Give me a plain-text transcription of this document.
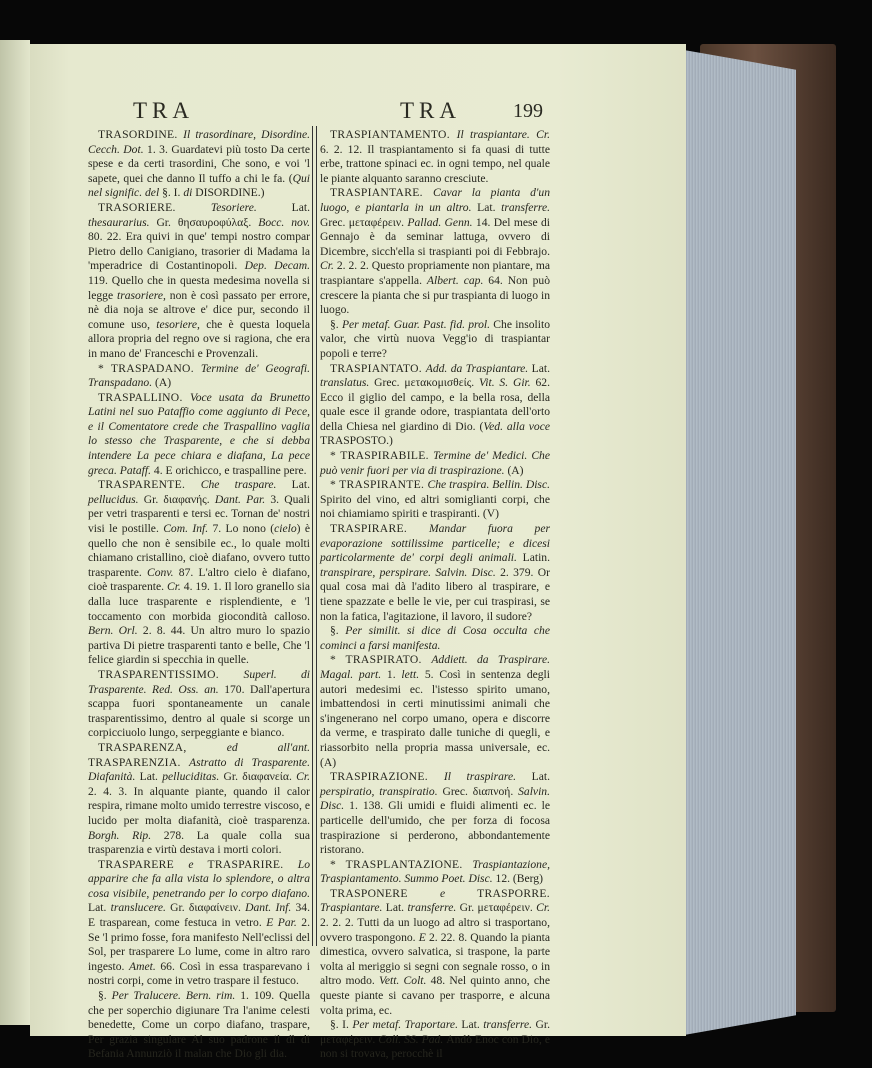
TRA	TRA	199

TRASORDINE. Il trasordinare, Disordine. Cecch. Dot. 1. 3. Guardatevi più tosto Da certe spese e da certi trasordini, Che sono, e voi 'l sapete, quei che danno Il tuffo a chi le fa. (Qui nel signific. del §. I. di DISORDINE.)

TRASORIERE. Tesoriere. Lat. thesaurarius. Gr. θησαυροφύλαξ. Bocc. nov. 80. 22. Era quivi in que' tempi nostro compar Pietro dello Canigiano, trasorier di Madama la 'mperadrice di Costantinopoli. Dep. Decam. 119. Quello che in questa medesima novella si legge trasoriere, non è così passato per errore, nè dia noja se altrove e' dice pur, secondo il comune uso, tesoriere, che è questa loquela allora propria del regno ove si ragiona, che era in mano de' Franceschi e Provenzali.

* TRASPADANO. Termine de' Geografi. Transpadano. (A)

TRASPALLINO. Voce usata da Brunetto Latini nel suo Pataffio come aggiunto di Pece, e il Comentatore crede che Traspallino vaglia lo stesso che Trasparente, e che si debba intendere La pece chiara e diafana, La pece greca. Pataff. 4. E orichicco, e traspalline pere.

TRASPARENTE. Che traspare. Lat. pellucidus. Gr. διαφανής. Dant. Par. 3. Quali per vetri trasparenti e tersi ec. Tornan de' nostri visi le postille. Com. Inf. 7. Lo nono (cielo) è quello che non è sensibile ec., lo quale molti chiamano cristallino, cioè diafano, ovvero tutto trasparente. Conv. 87. L'altro cielo è diafano, cioè trasparente. Cr. 4. 19. 1. Il loro granello sia dalla luce trasparente e risplendiente, e 'l toccamento con morbida giocondità calloso. Bern. Orl. 2. 8. 44. Un altro muro lo spazio partiva Di pietre trasparenti tanto e belle, Che 'l felice giardin si specchia in quelle.

TRASPARENTISSIMO. Superl. di Trasparente. Red. Oss. an. 170. Dall'apertura scappa fuori spontaneamente un canale trasparentissimo, dentro al quale si scorge un corpicciuolo lungo, serpeggiante e bianco.

TRASPARENZA, ed all'ant. TRASPARENZIA. Astratto di Trasparente. Diafanità. Lat. pelluciditas. Gr. διαφανεία. Cr. 2. 4. 3. In alquante piante, quando il calor respira, rimane molto umido terrestre viscoso, e lucido per molta diafanità, cioè trasparenza. Borgh. Rip. 278. La quale colla sua trasparenzia e virtù destava i morti colori.

TRASPARERE e TRASPARIRE. Lo apparire che fa alla vista lo splendore, o altra cosa visibile, penetrando per lo corpo diafano. Lat. translucere. Gr. διαφαίνειν. Dant. Inf. 34. E trasparean, come festuca in vetro. E Par. 2. Se 'l primo fosse, fora manifesto Nell'eclissi del Sol, per trasparere Lo lume, come in altro raro ingesto. Amet. 66. Così in essa trasparevano i nostri corpi, come in vetro traspare il festuco.

§. Per Tralucere. Bern. rim. 1. 109. Quella che per soperchio digiunare Tra l'anime celesti benedette, Come un corpo diafano, traspare, Per grazia singulare Al suo padrone il dì di Befania Annunziò il malan che Dio gli dia.

TRASPIANTAMENTO. Il traspiantare. Cr. 6. 2. 12. Il traspiantamento si fa quasi di tutte erbe, trattone spinaci ec. in ogni tempo, nel quale le piante alquanto saranno cresciute.

TRASPIANTARE. Cavar la pianta d'un luogo, e piantarla in un altro. Lat. transferre. Grec. μεταφέρειν. Pallad. Genn. 14. Del mese di Gennajo è da seminar lattuga, ovvero di Dicembre, sicch'ella si traspianti poi di Febbrajo. Cr. 2. 2. 2. Questo propriamente non piantare, ma traspiantare s'appella. Albert. cap. 64. Non può crescere la pianta che si pur traspianta di luogo in luogo.

§. Per metaf. Guar. Past. fid. prol. Che insolito valor, che virtù nuova Vegg'io di traspiantar popoli e terre?

TRASPIANTATO. Add. da Traspiantare. Lat. translatus. Grec. μετακομισθείς. Vit. S. Gir. 62. Ecco il giglio del campo, e la bella rosa, della quale esce il grande odore, traspiantata dell'orto della Chiesa nel giardino di Dio. (Ved. alla voce TRASPOSTO.)

* TRASPIRABILE. Termine de' Medici. Che può venir fuori per via di traspirazione. (A)

* TRASPIRANTE. Che traspira. Bellin. Disc. Spirito del vino, ed altri somiglianti corpi, che noi chiamiamo spiriti e traspiranti. (V)

TRASPIRARE. Mandar fuora per evaporazione sottilissime particelle; e dicesi particolarmente de' corpi degli animali. Latin. transpirare, perspirare. Salvin. Disc. 2. 379. Or qual cosa mai dà l'adito libero al traspirare, e tiene spazzate e belle le vie, per cui traspirasi, se non la fatica, l'agitazione, il lavoro, il sudore?

§. Per similit. si dice di Cosa occulta che cominci a farsi manifesta.

* TRASPIRATO. Addiett. da Traspirare. Magal. part. 1. lett. 5. Così in sentenza degli autori medesimi ec. l'istesso spirito umano, imbattendosi in certi minutissimi animali che s'ingenerano nel corpo umano, opera e discorre da verme, e traspirato dalle tuniche di quegli, e riassorbito nella propria massa universale, ec. (A)

TRASPIRAZIONE. Il traspirare. Lat. perspiratio, transpiratio. Grec. διαπνοή. Salvin. Disc. 1. 138. Gli umidi e fluidi alimenti ec. le particelle dell'umido, che per forza di focosa traspirazione si perderono, abbondantemente ristorano.

* TRASPLANTAZIONE. Traspiantazione, Traspiantamento. Summo Poet. Disc. 12. (Berg)

TRASPONERE e TRASPORRE. Traspiantare. Lat. transferre. Gr. μεταφέρειν. Cr. 2. 2. 2. Tutti da un luogo ad altro si trasportano, ovvero traspongono. E 2. 22. 8. Quando la pianta dimestica, ovvero salvatica, si traspone, la parte volta al meriggio si segni con segnale rosso, o in altro modo. Vett. Colt. 48. Nel quinto anno, che queste piante si cavano per trasporre, e alcuna volta prima, ec.

§. I. Per metaf. Traportare. Lat. transferre. Gr. μεταφέρειν. Coll. SS. Pad. Andò Enoc con Dio, e non si trovava, perocchè il
